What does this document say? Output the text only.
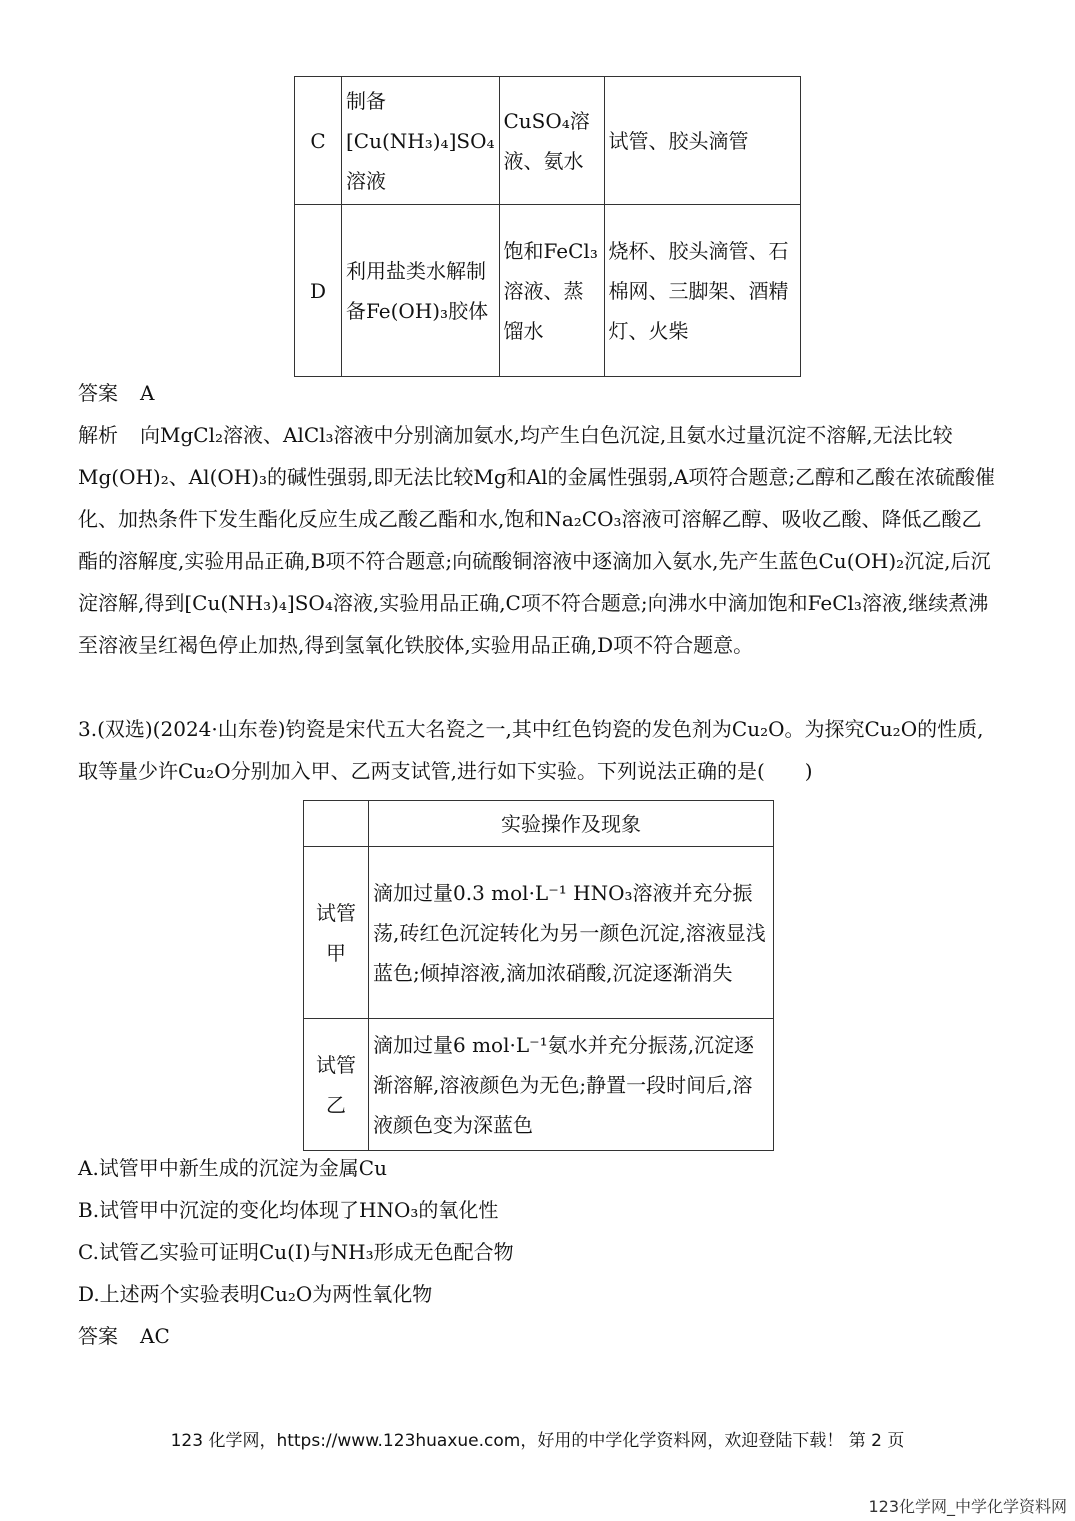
C	制备[Cu(NH₃)₄]SO₄溶液	CuSO₄溶液、氨水	试管、胶头滴管
D	利用盐类水解制备Fe(OH)₃胶体	饱和FeCl₃溶液、蒸馏水	烧杯、胶头滴管、石棉网、三脚架、酒精灯、火柴
答案 A
解析 向MgCl₂溶液、AlCl₃溶液中分别滴加氨水,均产生白色沉淀,且氨水过量沉淀不溶解,无法比较Mg(OH)₂、Al(OH)₃的碱性强弱,即无法比较Mg和Al的金属性强弱,A项符合题意;乙醇和乙酸在浓硫酸催化、加热条件下发生酯化反应生成乙酸乙酯和水,饱和Na₂CO₃溶液可溶解乙醇、吸收乙酸、降低乙酸乙酯的溶解度,实验用品正确,B项不符合题意;向硫酸铜溶液中逐滴加入氨水,先产生蓝色Cu(OH)₂沉淀,后沉淀溶解,得到[Cu(NH₃)₄]SO₄溶液,实验用品正确,C项不符合题意;向沸水中滴加饱和FeCl₃溶液,继续煮沸至溶液呈红褐色停止加热,得到氢氧化铁胶体,实验用品正确,D项不符合题意。
3.(双选)(2024·山东卷)钧瓷是宋代五大名瓷之一,其中红色钧瓷的发色剂为Cu₂O。为探究Cu₂O的性质,取等量少许Cu₂O分别加入甲、乙两支试管,进行如下实验。下列说法正确的是(　　)
	实验操作及现象
试管甲	滴加过量0.3 mol·L⁻¹ HNO₃溶液并充分振荡,砖红色沉淀转化为另一颜色沉淀,溶液显浅蓝色;倾掉溶液,滴加浓硝酸,沉淀逐渐消失
试管乙	滴加过量6 mol·L⁻¹氨水并充分振荡,沉淀逐渐溶解,溶液颜色为无色;静置一段时间后,溶液颜色变为深蓝色
A.试管甲中新生成的沉淀为金属Cu
B.试管甲中沉淀的变化均体现了HNO₃的氧化性
C.试管乙实验可证明Cu(Ⅰ)与NH₃形成无色配合物
D.上述两个实验表明Cu₂O为两性氧化物
答案 AC
123 化学网，https://www.123huaxue.com，好用的中学化学资料网，欢迎登陆下载！ 第 2 页
123化学网_中学化学资料网
